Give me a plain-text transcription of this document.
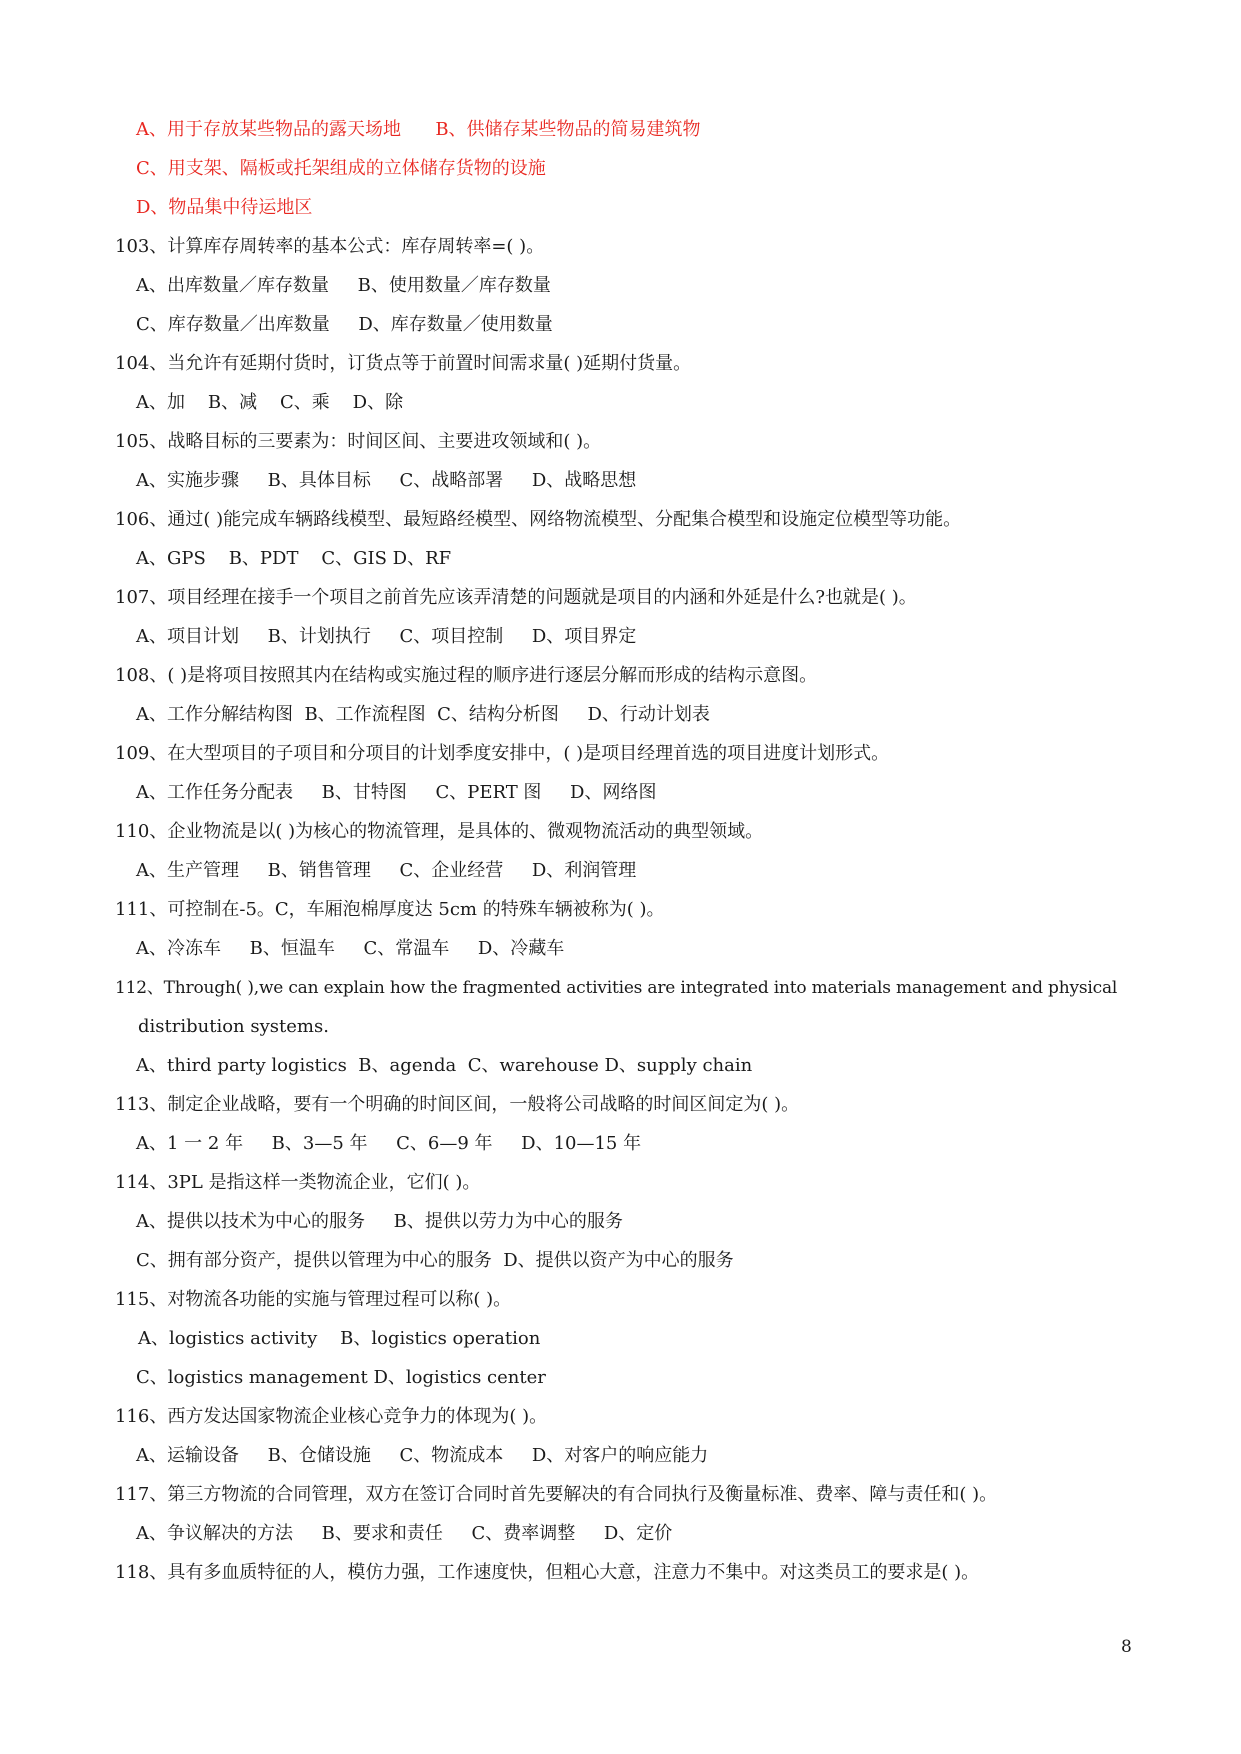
A、用于存放某些物品的露天场地      B、供储存某些物品的简易建筑物
C、用支架、隔板或托架组成的立体储存货物的设施
D、物品集中待运地区
103、计算库存周转率的基本公式：库存周转率=( )。
A、出库数量／库存数量     B、使用数量／库存数量
C、库存数量／出库数量     D、库存数量／使用数量
104、当允许有延期付货时，订货点等于前置时间需求量( )延期付货量。
A、加    B、减    C、乘    D、除
105、战略目标的三要素为：时间区间、主要进攻领域和( )。
A、实施步骤     B、具体目标     C、战略部署     D、战略思想
106、通过( )能完成车辆路线模型、最短路经模型、网络物流模型、分配集合模型和设施定位模型等功能。
A、GPS    B、PDT    C、GIS D、RF
107、项目经理在接手一个项目之前首先应该弄清楚的问题就是项目的内涵和外延是什么?也就是( )。
A、项目计划     B、计划执行     C、项目控制     D、项目界定
108、( )是将项目按照其内在结构或实施过程的顺序进行逐层分解而形成的结构示意图。
A、工作分解结构图  B、工作流程图  C、结构分析图     D、行动计划表
109、在大型项目的子项目和分项目的计划季度安排中，( )是项目经理首选的项目进度计划形式。
A、工作任务分配表     B、甘特图     C、PERT 图     D、网络图
110、企业物流是以( )为核心的物流管理，是具体的、微观物流活动的典型领域。
A、生产管理     B、销售管理     C、企业经营     D、利润管理
111、可控制在-5。C，车厢泡棉厚度达 5cm 的特殊车辆被称为( )。
A、冷冻车     B、恒温车     C、常温车     D、冷藏车
112、Through( ),we can explain how the fragmented activities are integrated into materials management and physical
distribution systems.
A、third party logistics  B、agenda  C、warehouse D、supply chain
113、制定企业战略，要有一个明确的时间区间，一般将公司战略的时间区间定为( )。
A、1 一 2 年     B、3—5 年     C、6—9 年     D、10—15 年
114、3PL 是指这样一类物流企业，它们( )。
A、提供以技术为中心的服务     B、提供以劳力为中心的服务
C、拥有部分资产，提供以管理为中心的服务  D、提供以资产为中心的服务
115、对物流各功能的实施与管理过程可以称( )。
A、logistics activity    B、logistics operation
C、logistics management D、logistics center
116、西方发达国家物流企业核心竞争力的体现为( )。
A、运输设备     B、仓储设施     C、物流成本     D、对客户的响应能力
117、第三方物流的合同管理，双方在签订合同时首先要解决的有合同执行及衡量标准、费率、障与责任和( )。
A、争议解决的方法     B、要求和责任     C、费率调整     D、定价
118、具有多血质特征的人，模仿力强，工作速度快，但粗心大意，注意力不集中。对这类员工的要求是( )。
8
